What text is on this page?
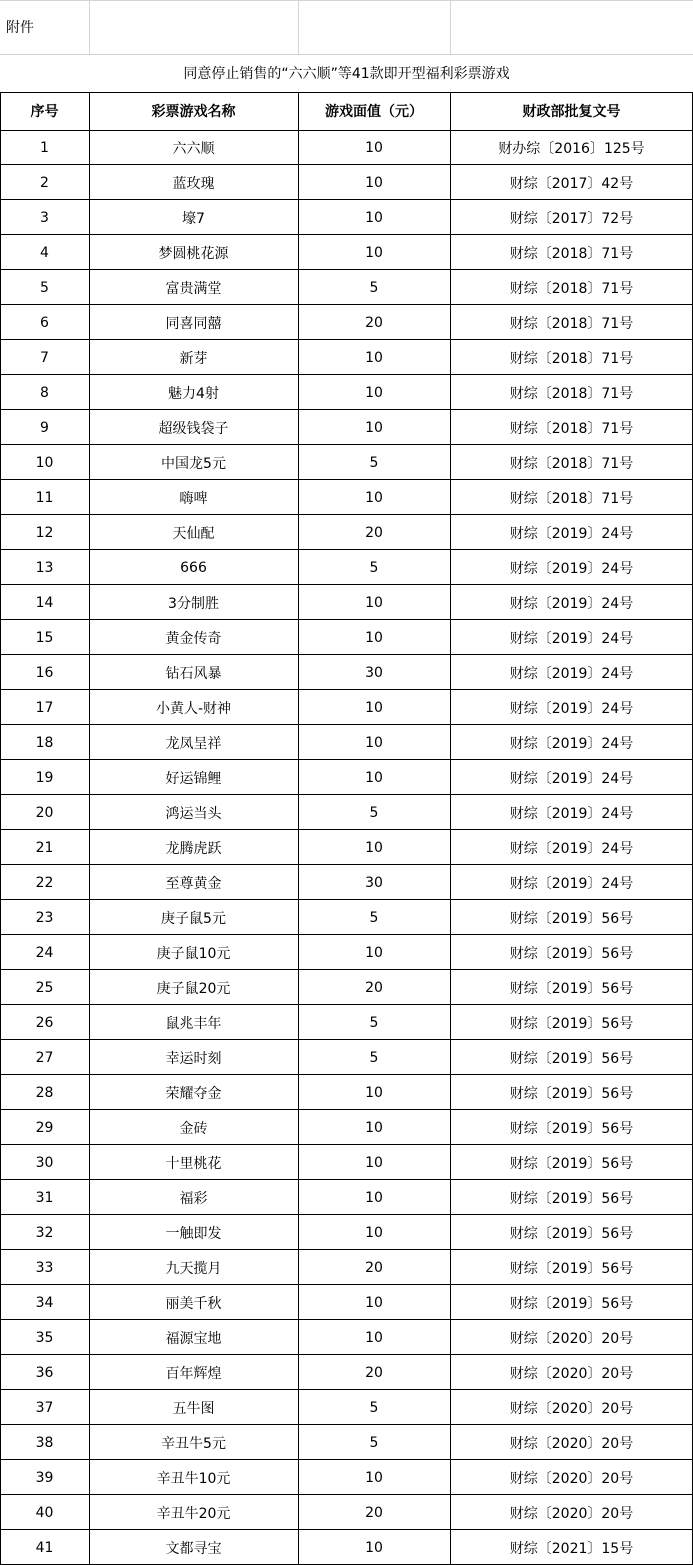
附件
同意停止销售的“六六顺”等41款即开型福利彩票游戏
序号	彩票游戏名称	游戏面值（元）	财政部批复文号
1	六六顺	10	财办综〔2016〕125号
2	蓝玫瑰	10	财综〔2017〕42号
3	壕7	10	财综〔2017〕72号
4	梦圆桃花源	10	财综〔2018〕71号
5	富贵满堂	5	财综〔2018〕71号
6	同喜同囍	20	财综〔2018〕71号
7	新芽	10	财综〔2018〕71号
8	魅力4射	10	财综〔2018〕71号
9	超级钱袋子	10	财综〔2018〕71号
10	中国龙5元	5	财综〔2018〕71号
11	嗨啤	10	财综〔2018〕71号
12	天仙配	20	财综〔2019〕24号
13	666	5	财综〔2019〕24号
14	3分制胜	10	财综〔2019〕24号
15	黄金传奇	10	财综〔2019〕24号
16	钻石风暴	30	财综〔2019〕24号
17	小黄人-财神	10	财综〔2019〕24号
18	龙凤呈祥	10	财综〔2019〕24号
19	好运锦鲤	10	财综〔2019〕24号
20	鸿运当头	5	财综〔2019〕24号
21	龙腾虎跃	10	财综〔2019〕24号
22	至尊黄金	30	财综〔2019〕24号
23	庚子鼠5元	5	财综〔2019〕56号
24	庚子鼠10元	10	财综〔2019〕56号
25	庚子鼠20元	20	财综〔2019〕56号
26	鼠兆丰年	5	财综〔2019〕56号
27	幸运时刻	5	财综〔2019〕56号
28	荣耀夺金	10	财综〔2019〕56号
29	金砖	10	财综〔2019〕56号
30	十里桃花	10	财综〔2019〕56号
31	福彩	10	财综〔2019〕56号
32	一触即发	10	财综〔2019〕56号
33	九天揽月	20	财综〔2019〕56号
34	丽美千秋	10	财综〔2019〕56号
35	福源宝地	10	财综〔2020〕20号
36	百年辉煌	20	财综〔2020〕20号
37	五牛图	5	财综〔2020〕20号
38	辛丑牛5元	5	财综〔2020〕20号
39	辛丑牛10元	10	财综〔2020〕20号
40	辛丑牛20元	20	财综〔2020〕20号
41	文都寻宝	10	财综〔2021〕15号
